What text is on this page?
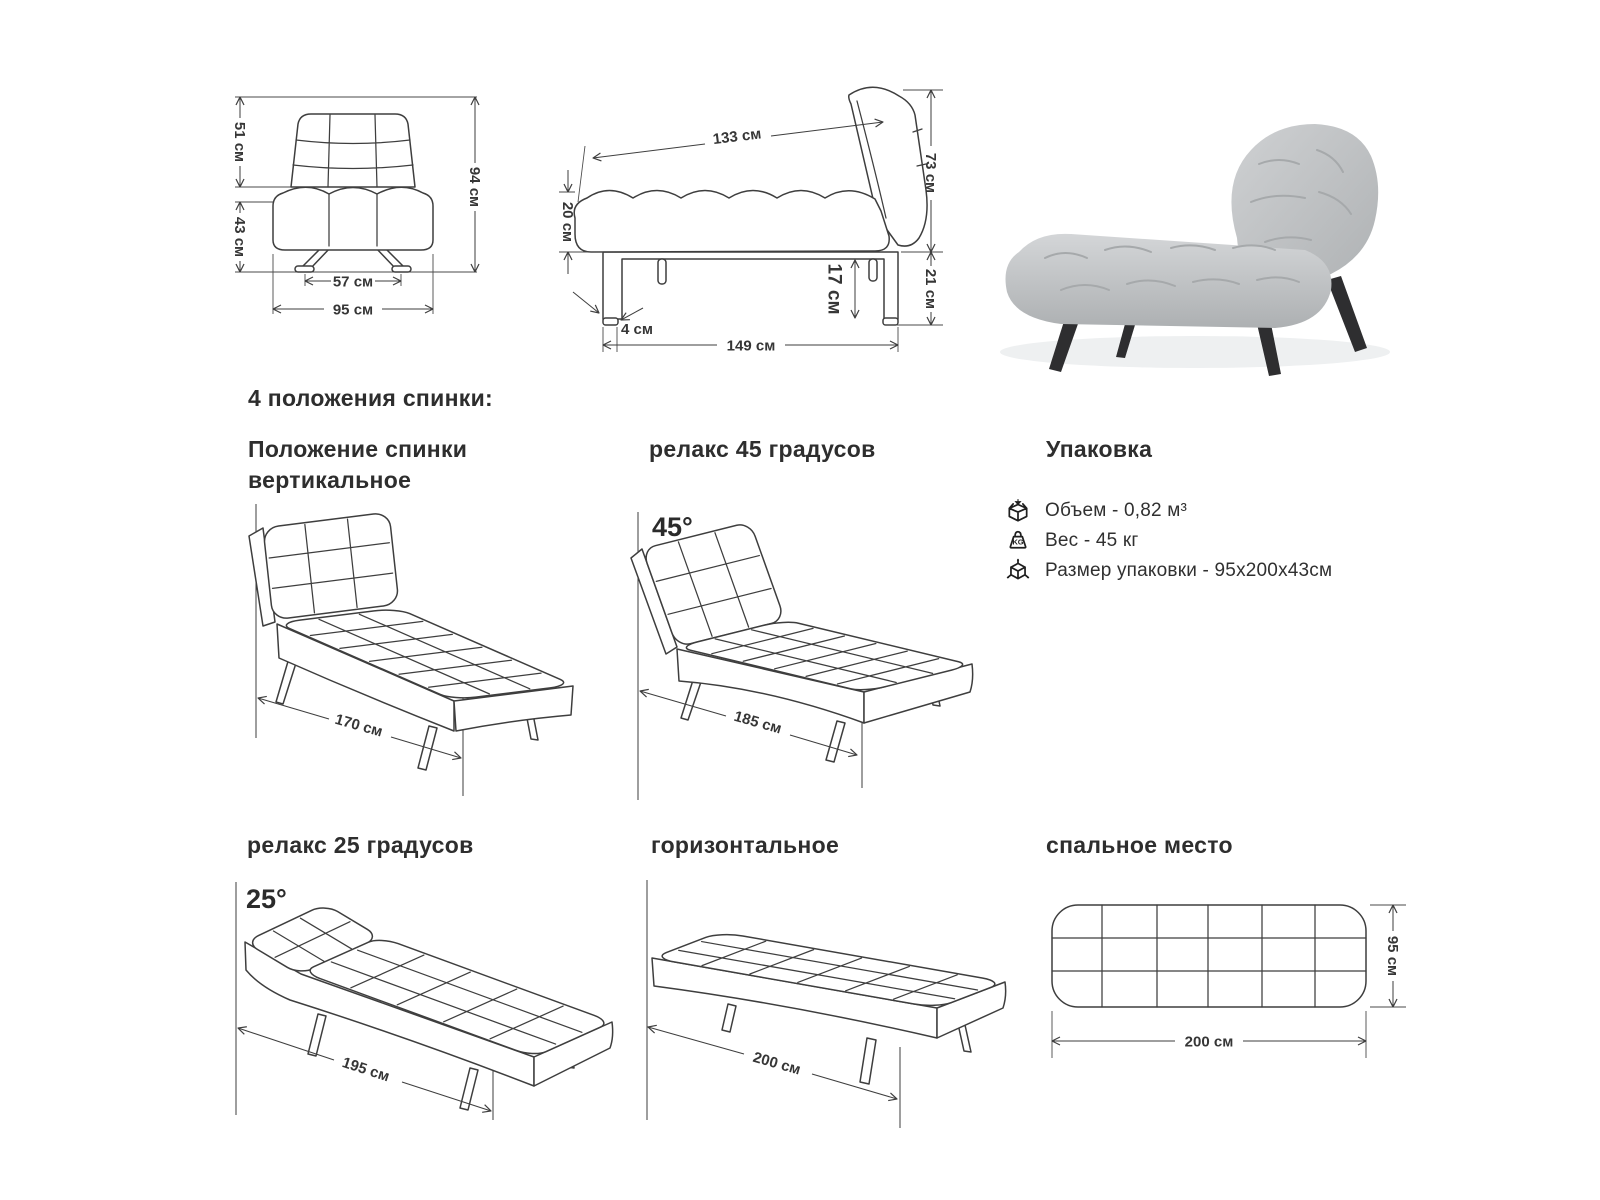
51 см
43 см
94 см
57 см
95 см
133 см
20 см
73 см
21 см
17 см
4 см
149 см
4 положения спинки:
Положение спинки
вертикальное
релакс 45 градусов	Упаковка
релакс 25 градусов	горизонтальное	спальное место
Объем - 0,82 м³
KG Вес - 45 кг
Размер упаковки - 95x200x43см
170 см
45°
185 см
25°
195 см	200 см
95 см
200 см
